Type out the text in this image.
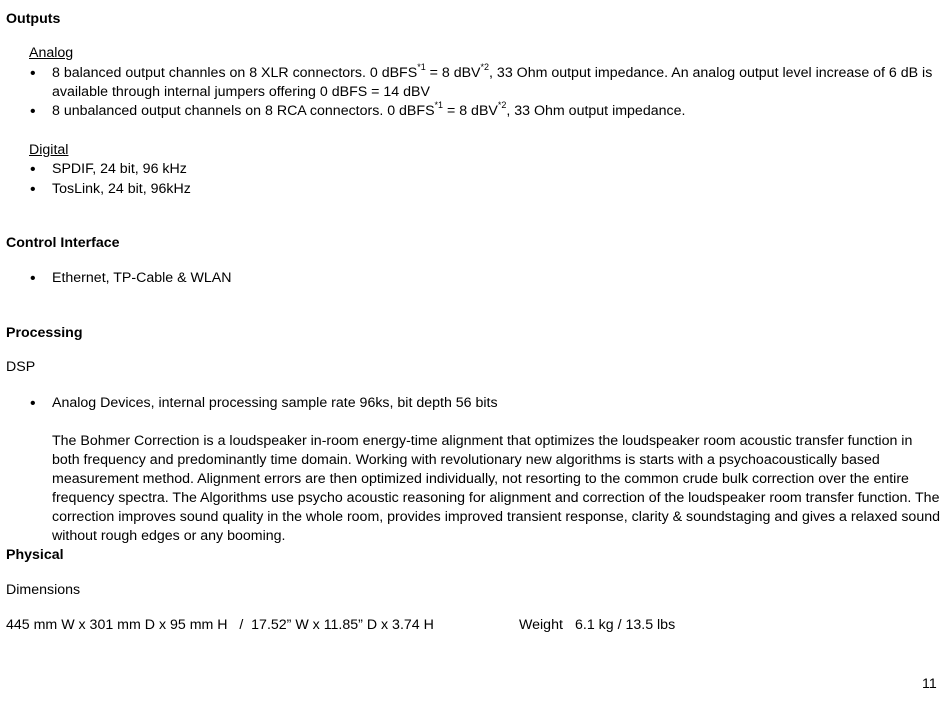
Outputs
Analog
•	8 balanced output channles on 8 XLR connectors. 0 dBFS$^{*1}$ = 8 dBV$^{*2}$, 33 Ohm output impedance. An analog output level increase of 6 dB is available through internal jumpers offering 0 dBFS = 14 dBV
•	8 unbalanced output channels on 8 RCA connectors. 0 dBFS$^{*1}$ = 8 dBV$^{*2}$, 33 Ohm output impedance.
Digital
•	SPDIF, 24 bit, 96 kHz
•	TosLink, 24 bit, 96kHz
Control Interface
•	Ethernet, TP-Cable & WLAN
Processing
DSP
•	Analog Devices, internal processing sample rate 96ks, bit depth 56 bits
The Bohmer Correction is a loudspeaker in-room energy-time alignment that optimizes the loudspeaker room acoustic transfer function in both frequency and predominantly time domain. Working with revolutionary new algorithms is starts with a psychoacoustically based measurement method. Alignment errors are then optimized individually, not resorting to the common crude bulk correction over the entire frequency spectra. The Algorithms use psycho acoustic reasoning for alignment and correction of the loudspeaker room transfer function. The correction improves sound quality in the whole room, provides improved transient response, clarity & soundstaging and gives a relaxed sound without rough edges or any booming.
Physical
Dimensions
445 mm W x 301 mm D x 95 mm H   /  17.52” W x 11.85” D x 3.74 H	Weight 6.1 kg / 13.5 lbs
11
